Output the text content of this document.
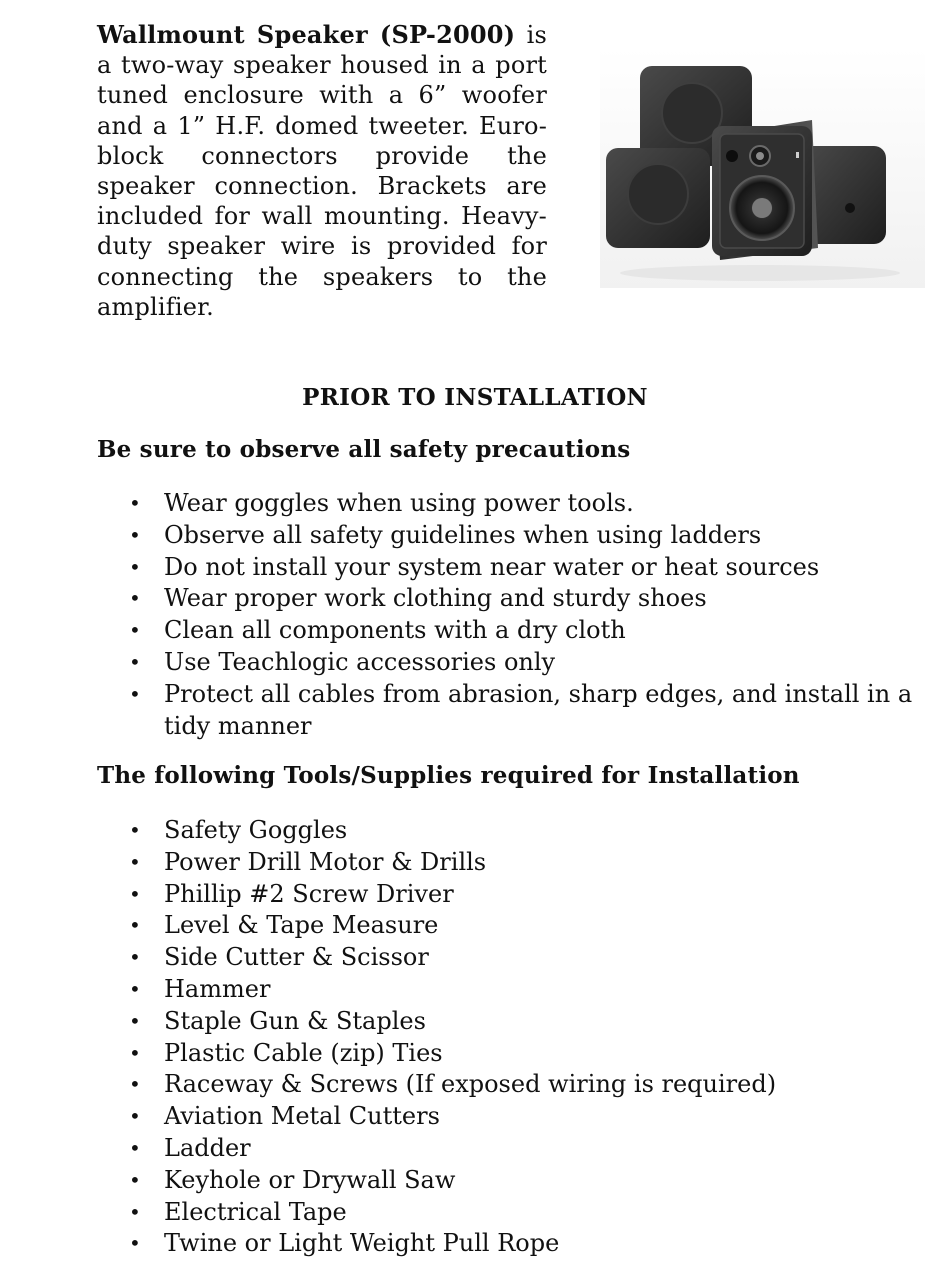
Wallmount Speaker (SP-2000) is a two-way speaker housed in a port tuned enclosure with a 6” woofer and a 1” H.F. domed tweeter. Euro-block connectors provide the speaker connection. Brackets are included for wall mounting. Heavy-duty speaker wire is provided for connecting the speakers to the amplifier.
PRIOR TO INSTALLATION
Be sure to observe all safety precautions
• Wear goggles when using power tools.
• Observe all safety guidelines when using ladders
• Do not install your system near water or heat sources
• Wear proper work clothing and sturdy shoes
• Clean all components with a dry cloth
• Use Teachlogic accessories only
• Protect all cables from abrasion, sharp edges, and install in a tidy manner
The following Tools/Supplies required for Installation
• Safety Goggles
• Power Drill Motor & Drills
• Phillip #2 Screw Driver
• Level & Tape Measure
• Side Cutter & Scissor
• Hammer
• Staple Gun & Staples
• Plastic Cable (zip) Ties
• Raceway & Screws (If exposed wiring is required)
• Aviation Metal Cutters
• Ladder
• Keyhole or Drywall Saw
• Electrical Tape
• Twine or Light Weight Pull Rope
